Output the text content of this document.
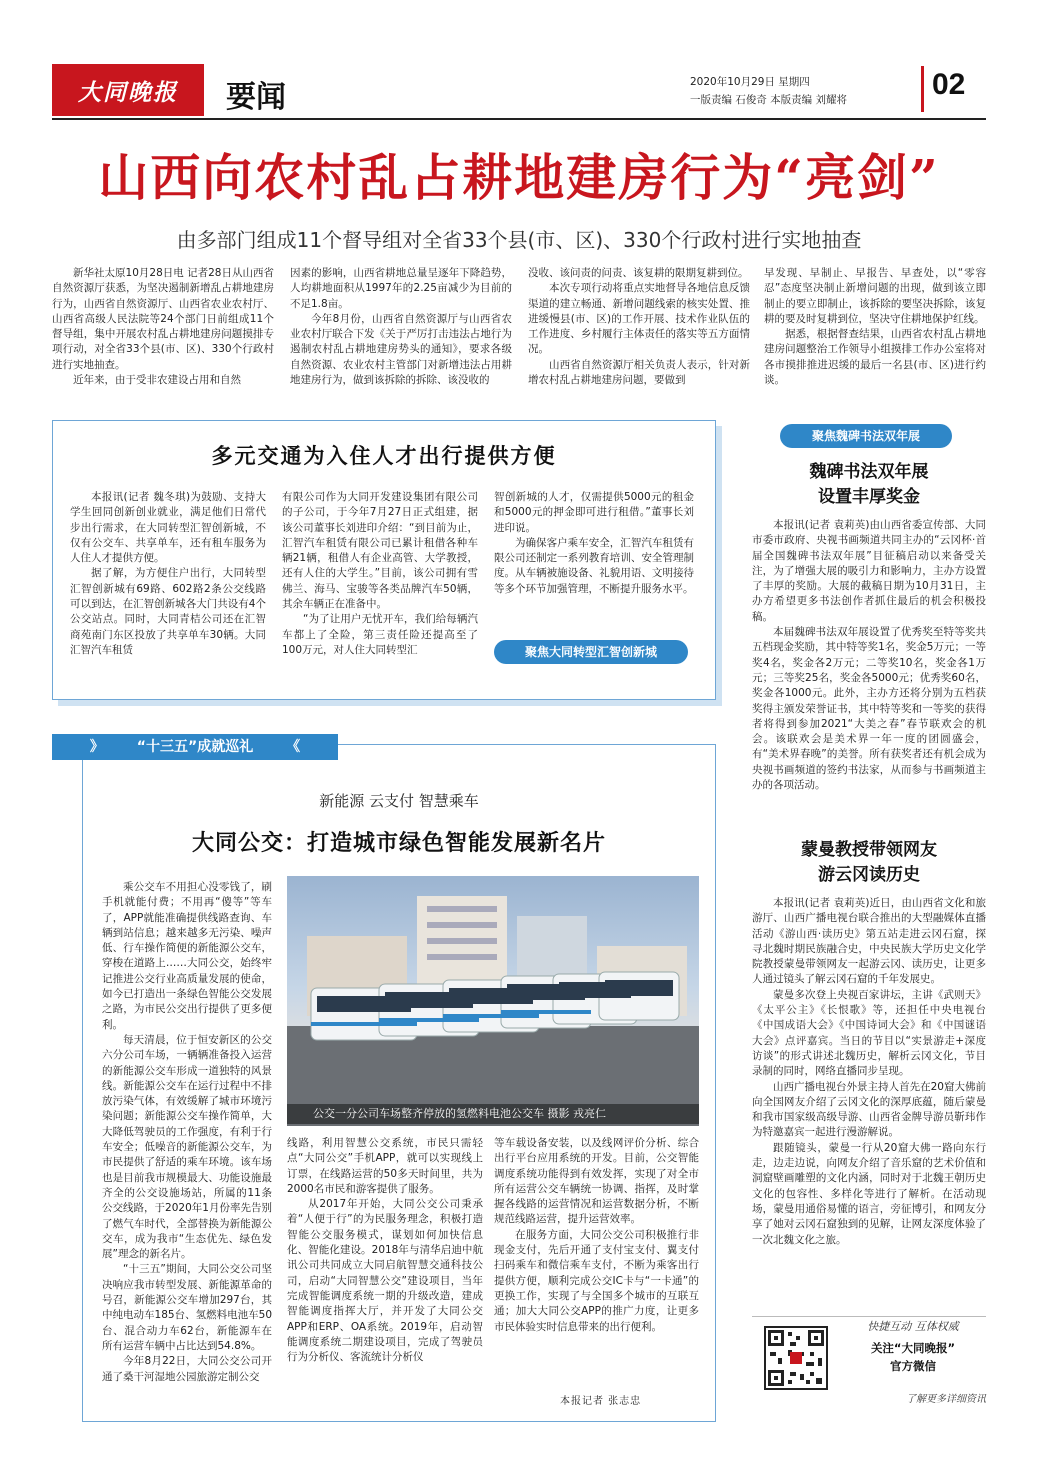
大同晚报	要闻	2020年10月29日 星期四
一版责编 石俊奇 本版责编 刘耀将	02
山西向农村乱占耕地建房行为“亮剑”
由多部门组成11个督导组对全省33个县(市、区)、330个行政村进行实地抽查

新华社太原10月28日电 记者28日从山西省自然资源厅获悉，为坚决遏制新增乱占耕地建房行为，山西省自然资源厅、山西省农业农村厅、山西省高级人民法院等24个部门日前组成11个督导组，集中开展农村乱占耕地建房问题摸排专项行动，对全省33个县(市、区)、330个行政村进行实地抽查。

近年来，由于受非农建设占用和自然

因素的影响，山西省耕地总量呈逐年下降趋势，人均耕地面积从1997年的2.25亩减少为目前的不足1.8亩。

今年8月份，山西省自然资源厅与山西省农业农村厅联合下发《关于严厉打击违法占地行为遏制农村乱占耕地建房势头的通知》，要求各级自然资源、农业农村主管部门对新增违法占用耕地建房行为，做到该拆除的拆除、该没收的

没收、该问责的问责、该复耕的限期复耕到位。

本次专项行动将重点实地督导各地信息反馈渠道的建立畅通、新增问题线索的核实处置、推进缓慢县(市、区)的工作开展、技术作业队伍的工作进度、乡村履行主体责任的落实等五方面情况。

山西省自然资源厅相关负责人表示，针对新增农村乱占耕地建房问题，要做到

早发现、早制止、早报告、早查处，以“零容忍”态度坚决制止新增问题的出现，做到该立即制止的要立即制止，该拆除的要坚决拆除，该复耕的要及时复耕到位，坚决守住耕地保护红线。

据悉，根据督查结果，山西省农村乱占耕地建房问题整治工作领导小组摸排工作办公室将对各市摸排推进迟缓的最后一名县(市、区)进行约谈。

多元交通为入住人才出行提供方便

本报讯(记者 魏冬琪)为鼓励、支持大学生回同创新创业就业，满足他们日常代步出行需求，在大同转型汇智创新城，不仅有公交车、共享单车，还有租车服务为人住人才提供方便。

据了解，为方便住户出行，大同转型汇智创新城有69路、602路2条公交线路可以到达，在汇智创新城各大门共设有4个公交站点。同时，大同青桔公司还在汇智商苑南门东区投放了共享单车30辆。大同汇智汽车租赁

有限公司作为大同开发建设集团有限公司的子公司，于今年7月27日正式组建，据该公司董事长刘进印介绍：“到目前为止，汇智汽车租赁有限公司已累计租借各种车辆21辆，租借人有企业高管、大学教授，还有人住的大学生。”目前，该公司拥有雪佛兰、海马、宝骏等各类品牌汽车50辆，其余车辆正在准备中。

“为了让用户无忧开车，我们给每辆汽车都上了全险，第三责任险还提高至了100万元，对人住大同转型汇

智创新城的人才，仅需提供5000元的租金和5000元的押金即可进行租借。”董事长刘进印说。

为确保客户乘车安全，汇智汽车租赁有限公司还制定一系列教育培训、安全管理制度。从车辆被施设备、礼貌用语、文明接待等多个环节加强管理，不断提升服务水平。

聚焦大同转型汇智创新城
聚焦魏碑书法双年展
魏碑书法双年展
设置丰厚奖金

本报讯(记者 袁莉英)由山西省委宣传部、大同市委市政府、央视书画频道共同主办的“云冈杯·首届全国魏碑书法双年展”目征稿启动以来备受关注，为了增强大展的吸引力和影响力，主办方设置了丰厚的奖励。大展的截稿日期为10月31日，主办方希望更多书法创作者抓住最后的机会积极投稿。

本届魏碑书法双年展设置了优秀奖至特等奖共五档现金奖励，其中特等奖1名，奖金5万元；一等奖4名，奖金各2万元；二等奖10名，奖金各1万元；三等奖25名，奖金各5000元；优秀奖60名，奖金各1000元。此外，主办方还将分别为五档获奖得主颁发荣誉证书，其中特等奖和一等奖的获得者将得到参加2021“大美之春”春节联欢会的机会。该联欢会是美术界一年一度的团圆盛会，有“美术界春晚”的美誉。所有获奖者还有机会成为央视书画频道的签约书法家，从而参与书画频道主办的各项活动。

蒙曼教授带领网友
游云冈读历史

本报讯(记者 袁莉英)近日，由山西省文化和旅游厅、山西广播电视台联合推出的大型融媒体直播活动《游山西·读历史》第五站走进云冈石窟，探寻北魏时期民族融合史，中央民族大学历史文化学院教授蒙曼带领网友一起游云冈、读历史，让更多人通过镜头了解云冈石窟的千年发展史。

蒙曼多次登上央视百家讲坛，主讲《武则天》《太平公主》《长恨歌》等，还担任中央电视台《中国成语大会》《中国诗词大会》和《中国谜语大会》点评嘉宾。当日的节目以“实景游走+深度访谈”的形式讲述北魏历史，解析云冈文化，节目录制的同时，网络直播同步呈现。

山西广播电视台外景主持人首先在20窟大佛前向全国网友介绍了云冈文化的深厚底蕴，随后蒙曼和我市国家级高级导游、山西省金牌导游员靳玮作为特邀嘉宾一起进行漫游解说。

跟随镜头，蒙曼一行从20窟大佛一路向东行走，边走边说，向网友介绍了音乐窟的艺术价值和洞窟壁画雕塑的文化内涵，同时对于北魏王朝历史文化的包容性、多样化等进行了解析。在活动现场，蒙曼用通俗易懂的语言，旁征博引，和网友分享了她对云冈石窟独到的见解，让网友深度体验了一次北魏文化之旅。

》 “十三五”成就巡礼 《
新能源 云支付 智慧乘车
大同公交：打造城市绿色智能发展新名片

乘公交车不用担心没零钱了，刷手机就能付费；不用再“傻等”等车了，APP就能准确提供线路查询、车辆到站信息；越来越多无污染、噪声低、行车操作简便的新能源公交车，穿梭在道路上……大同公交，始终牢记推进公交行业高质量发展的使命，如今已打造出一条绿色智能公交发展之路，为市民公交出行提供了更多便利。

每天清晨，位于恒安新区的公交六分公司车场，一辆辆准备投入运营的新能源公交车形成一道独特的风景线。新能源公交车在运行过程中不排放污染气体，有效缓解了城市环境污染问题；新能源公交车操作简单，大大降低驾驶员的工作强度，有利于行车安全；低噪音的新能源公交车，为市民提供了舒适的乘车环境。该车场也是目前我市规模最大、功能设施最齐全的公交设施场站，所属的11条公交线路，于2020年1月份率先告别了燃气车时代，全部替换为新能源公交车，成为我市“生态优先、绿色发展”理念的新名片。

“十三五”期间，大同公交公司坚决响应我市转型发展、新能源革命的号召，新能源公交车增加297台，其中纯电动车185台、氢燃料电池车50台、混合动力车62台，新能源车在所有运营车辆中占比达到54.8%。

今年8月22日，大同公交公司开通了桑干河湿地公园旅游定制公交

公交一分公司车场整齐停放的氢燃料电池公交车 摄影 戎亮仁

线路，利用智慧公交系统，市民只需轻点“大同公交”手机APP，就可以实现线上订票，在线路运营的50多天时间里，共为2000名市民和游客提供了服务。

从2017年开始，大同公交公司秉承着“人便于行”的为民服务理念，积极打造智能公交服务模式，谋划如何加快信息化、智能化建设。2018年与清华启迪中航讯公司共同成立大同启航智慧交通科技公司，启动“大同智慧公交”建设项目，当年完成智能调度系统一期的升级改造，建成智能调度指挥大厅，并开发了大同公交APP和ERP、OA系统。2019年，启动智能调度系统二期建设项目，完成了驾驶员行为分析仪、客流统计分析仪

等车载设备安装，以及线网评价分析、综合出行平台应用系统的开发。目前，公交智能调度系统功能得到有效发挥，实现了对全市所有运营公交车辆统一协调、指挥，及时掌握各线路的运营情况和运营数据分析，不断规范线路运营，提升运营效率。

在服务方面，大同公交公司积极推行非现金支付，先后开通了支付宝支付、翼支付扫码乘车和微信乘车支付，不断为乘客出行提供方便，顺利完成公交IC卡与“一卡通”的更换工作，实现了与全国多个城市的互联互通；加大大同公交APP的推广力度，让更多市民体验实时信息带来的出行便利。

本报记者 张志忠
快捷互动 互体权威
关注“大同晚报”
官方微信
了解更多详细资讯
